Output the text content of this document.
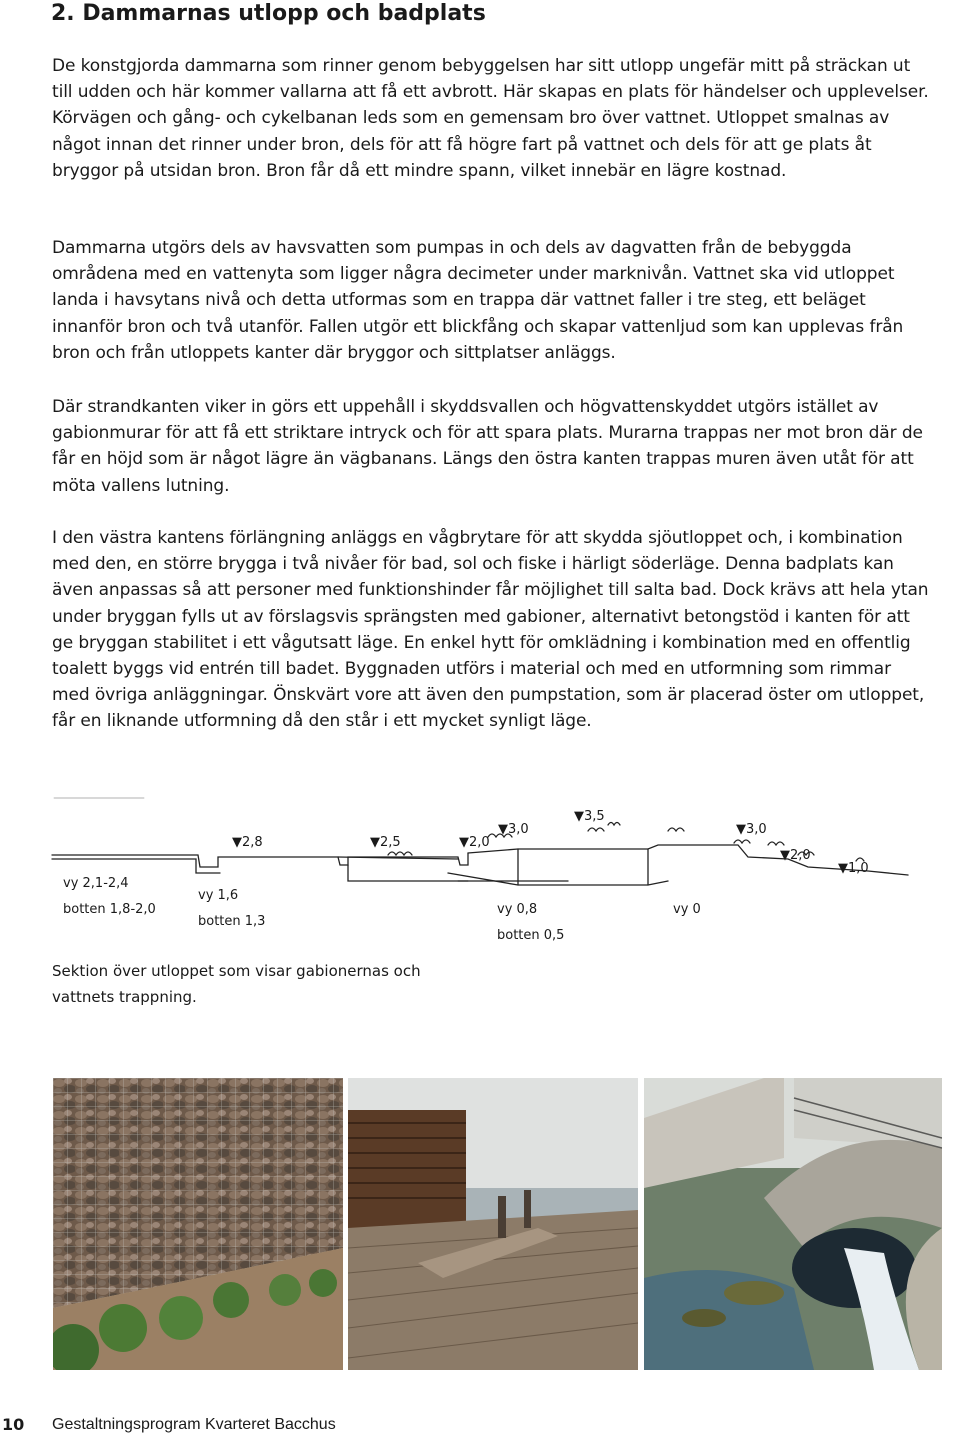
2. Dammarnas utlopp och badplats

De konstgjorda dammarna som rinner genom bebyggelsen har sitt utlopp ungefär mitt på sträckan ut till udden och här kommer vallarna att få ett avbrott. Här skapas en plats för händelser och upplevelser. Körvägen och gång- och cykelbanan leds som en gemensam bro över vattnet. Utloppet smalnas av något innan det rinner under bron, dels för att få högre fart på vattnet och dels för att ge plats åt bryggor på utsidan bron. Bron får då ett mindre spann, vilket innebär en lägre kostnad.

Dammarna utgörs dels av havsvatten som pumpas in och dels av dagvatten från de bebyggda områdena med en vattenyta som ligger några decimeter under marknivån. Vattnet ska vid utloppet landa i havsytans nivå och detta utformas som en trappa där vattnet faller i tre steg, ett beläget innanför bron och två utanför. Fallen utgör ett blickfång och skapar vattenljud som kan upplevas från bron och från utloppets kanter där bryggor och sittplatser anläggs.

Där strandkanten viker in görs ett uppehåll i skyddsvallen och högvattenskyddet utgörs istället av gabionmurar för att få ett striktare intryck och för att spara plats. Murarna trappas ner mot bron där de får en höjd som är något lägre än vägbanans. Längs den östra kanten trappas muren även utåt för att möta vallens lutning.

I den västra kantens förlängning anläggs en vågbrytare för att skydda sjöutloppet och, i kombination med den, en större brygga i två nivåer för bad, sol och fiske i härligt söderläge. Denna badplats kan även anpassas så att personer med funktionshinder får möjlighet till salta bad. Dock krävs att hela ytan under bryggan fylls ut av förslagsvis sprängsten med gabioner, alternativt betongstöd i kanten för att ge bryggan stabilitet i ett vågutsatt läge. En enkel hytt för omklädning i kombination med en offentlig toalett byggs vid entrén till badet. Byggnaden utförs i material och med en utformning som rimmar med övriga anläggningar. Önskvärt vore att även den pumpstation, som är placerad öster om utloppet, får en liknande utformning då den står i ett mycket synligt läge.

▼2,8	▼2,5	▼2,0
▼3,0
▼3,5
▼3,0
▼2,0
▼1,0
vy 2,1-2,4
botten 1,8-2,0
vy 1,6
botten 1,3
vy 0,8
botten 0,5
vy 0

Sektion över utloppet som visar gabionernas och vattnets trappning.

10 Gestaltningsprogram Kvarteret Bacchus
